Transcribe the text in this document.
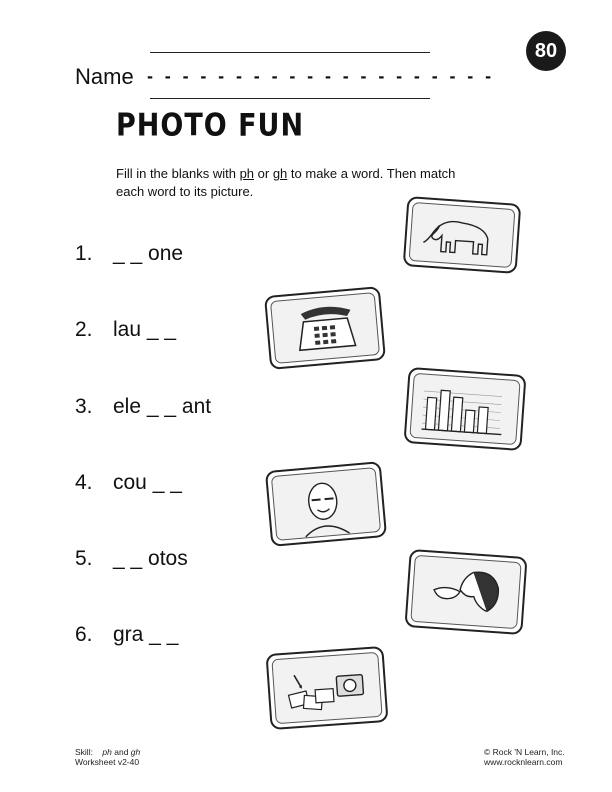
80
Name - - - - - - - - - - - - - - - - - - - -
PHOTO FUN
Fill in the blanks with ph or gh to make a word. Then match each word to its picture.
1. _ _ one
2. lau _ _
3. ele _ _ ant
4. cou _ _
5. _ _ otos
6. gra _ _
Skill: ph and gh
Worksheet v2-40
© Rock 'N Learn, Inc.
www.rocknlearn.com
